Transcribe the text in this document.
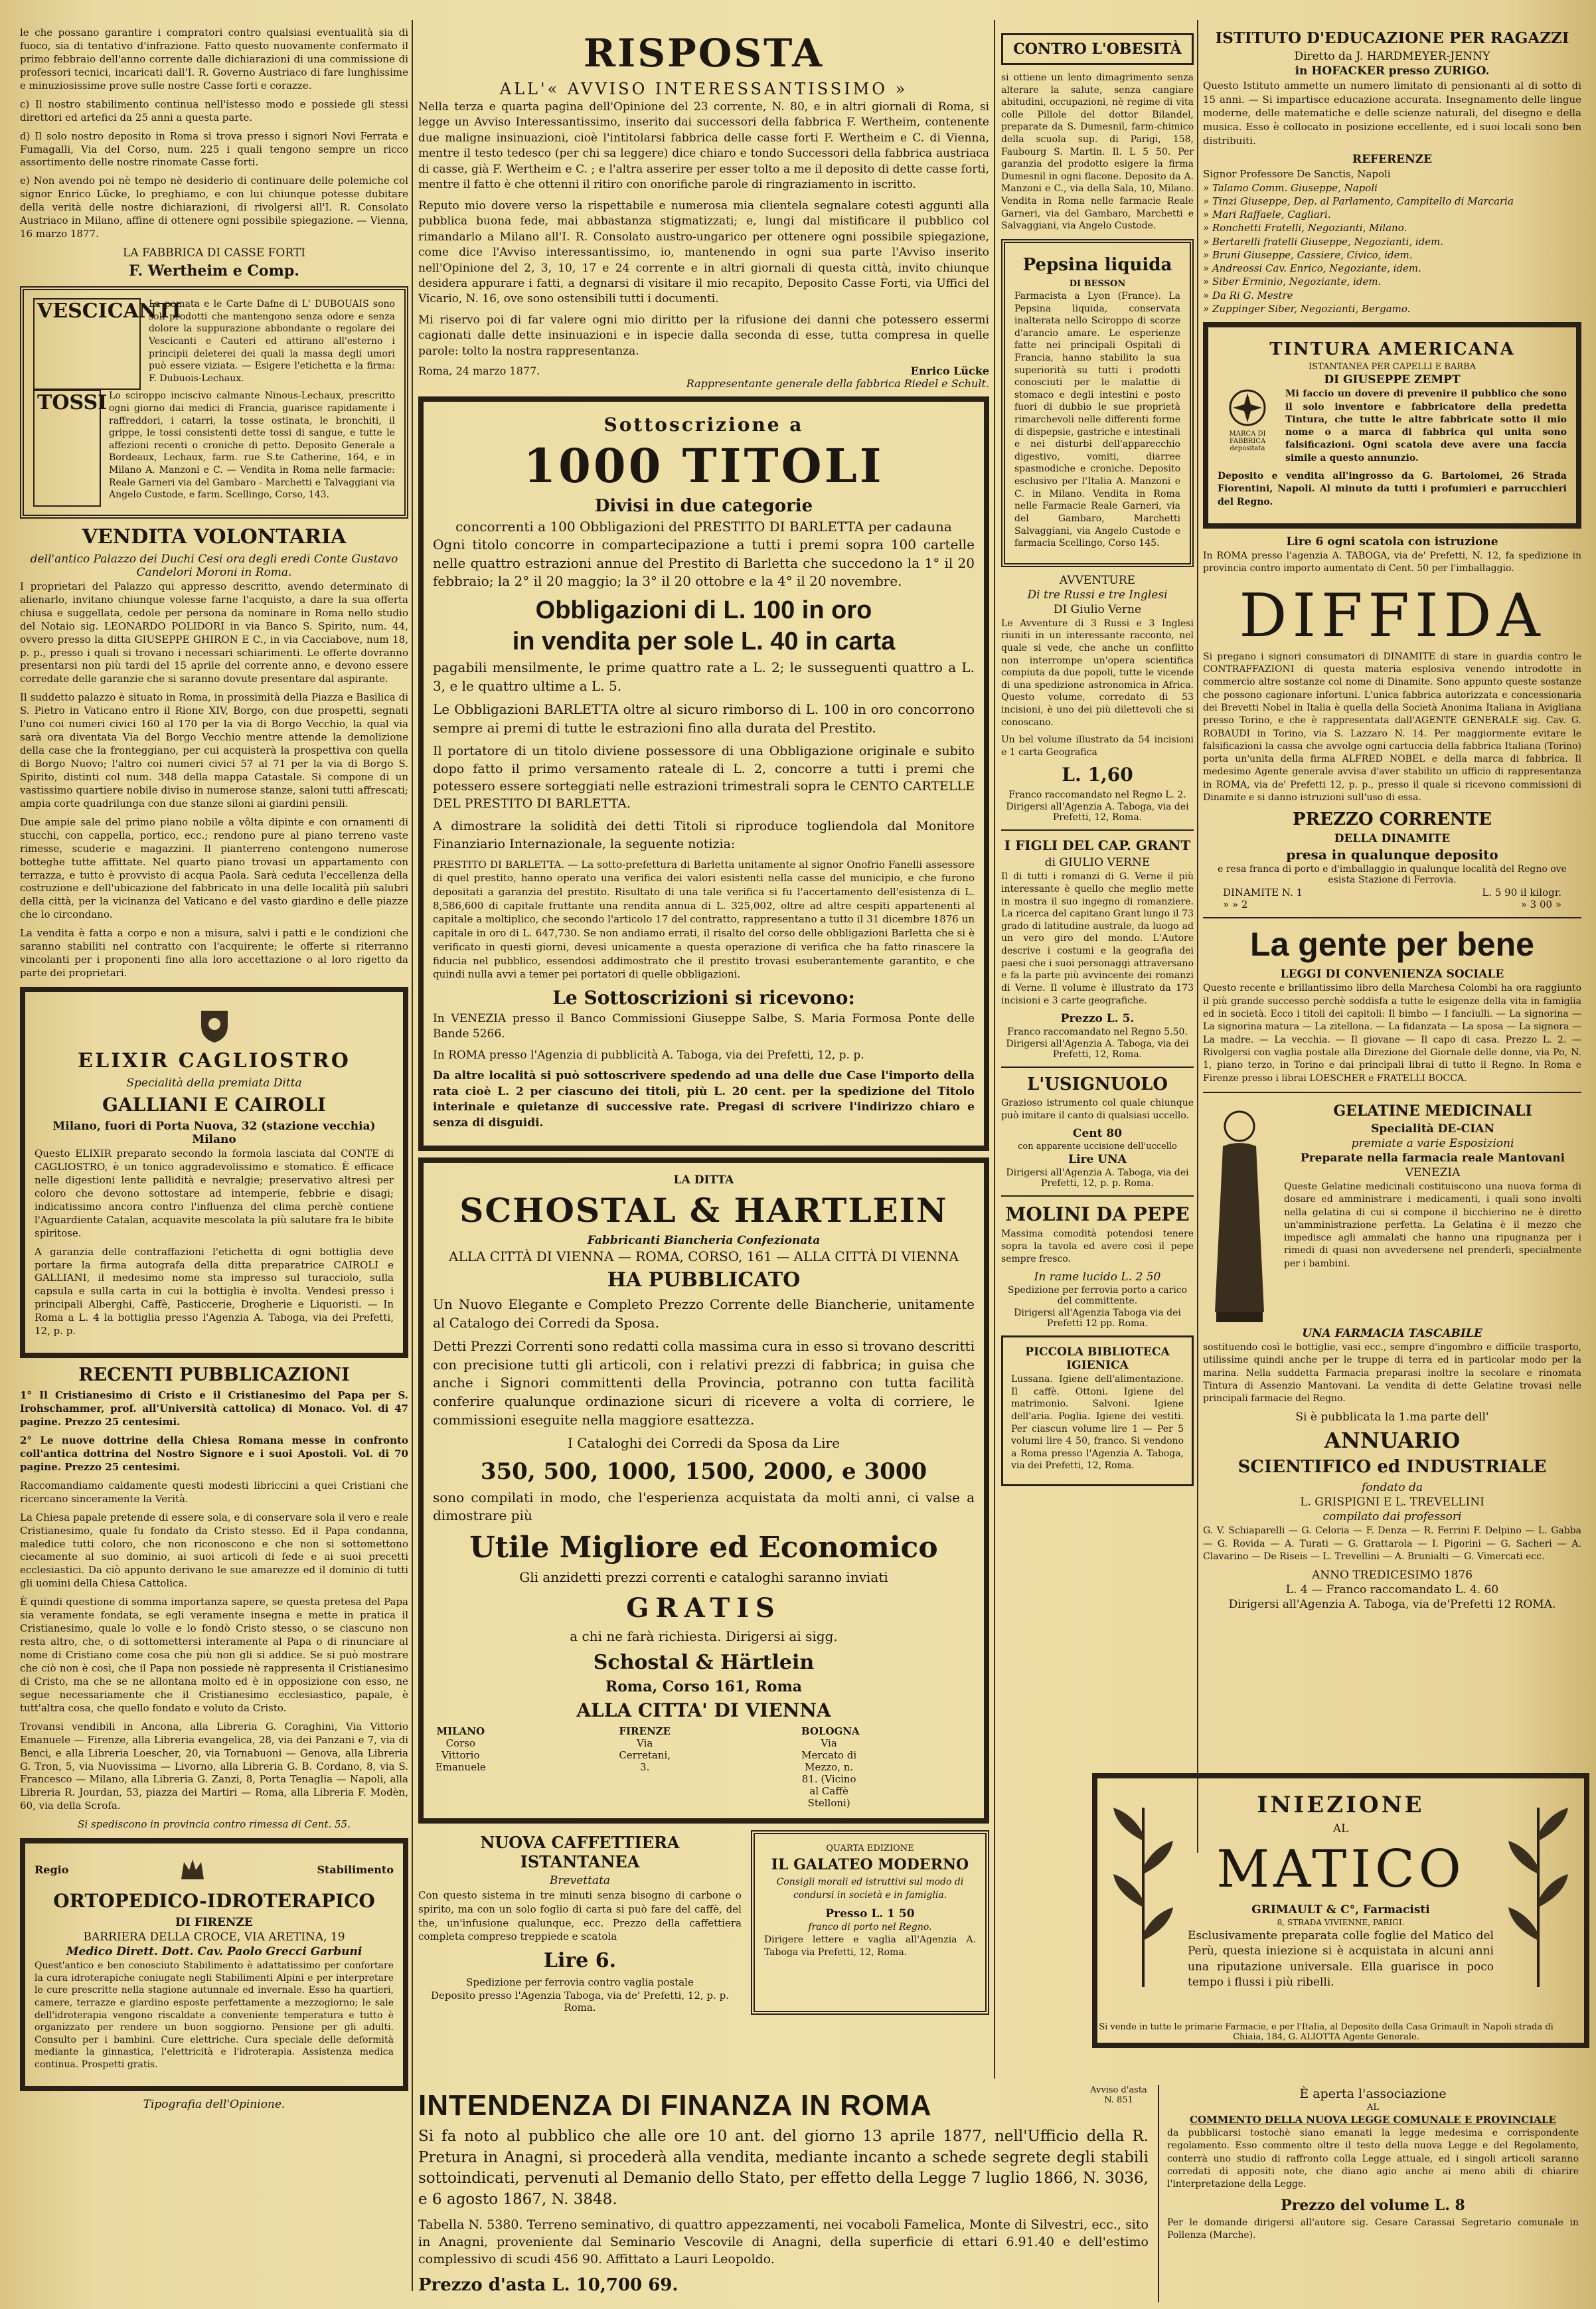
le che possano garantire i compratori contro qualsiasi eventualità sia di fuoco, sia di tentativo d'infrazione. Fatto questo nuovamente confermato il primo febbraio dell'anno corrente dalle dichiarazioni di una commissione di professori tecnici, incaricati dall'I. R. Governo Austriaco di fare lunghissime e minuziosissime prove sulle nostre Casse forti e corazze.

c) Il nostro stabilimento continua nell'istesso modo e possiede gli stessi direttori ed artefici da 25 anni a questa parte.

d) Il solo nostro deposito in Roma si trova presso i signori Novi Ferrata e Fumagalli, Via del Corso, num. 225 i quali tengono sempre un ricco assortimento delle nostre rinomate Casse forti.

e) Non avendo poi nè tempo nè desiderio di continuare delle polemiche col signor Enrico Lücke, lo preghiamo, e con lui chiunque potesse dubitare della verità delle nostre dichiarazioni, di rivolgersi all'I. R. Consolato Austriaco in Milano, affine di ottenere ogni possibile spiegazione. — Vienna, 16 marzo 1877.

LA FABBRICA DI CASSE FORTI
F. Wertheim e Comp.
VESCICANTI

La pomata e le Carte Dafne di L' DUBOUAIS sono soli prodotti che mantengono senza odore e senza dolore la suppurazione abbondante o regolare dei Vescicanti e Cauteri ed attirano all'esterno i principii deleterei dei quali la massa degli umori può essere viziata. — Esigere l'etichetta e la firma: F. Dubuois-Lechaux.

TOSSI Lo sciroppo inciscivo calmante Ninous-Lechaux, prescritto ogni giorno dai medici di Francia, guarisce rapidamente i raffreddori, i catarri, la tosse ostinata, le bronchiti, il grippe, le tossi consistenti dette tossi di sangue, e tutte le affezioni recenti o croniche di petto. Deposito Generale a Bordeaux, Lechaux, farm. rue S.te Catherine, 164, e in Milano A. Manzoni e C. — Vendita in Roma nelle farmacie: Reale Garneri via del Gambaro - Marchetti e Talvaggiani via Angelo Custode, e farm. Scellingo, Corso, 143.

VENDITA VOLONTARIA
dell'antico Palazzo dei Duchi Cesi ora degli eredi Conte Gustavo Candelori Moroni in Roma.

I proprietari del Palazzo qui appresso descritto, avendo determinato di alienarlo, invitano chiunque volesse farne l'acquisto, a dare la sua offerta chiusa e suggellata, cedole per persona da nominare in Roma nello studio del Notaio sig. LEONARDO POLIDORI in via Banco S. Spirito, num. 44, ovvero presso la ditta GIUSEPPE GHIRON E C., in via Cacciabove, num 18, p. p., presso i quali si trovano i necessari schiarimenti. Le offerte dovranno presentarsi non più tardi del 15 aprile del corrente anno, e devono essere corredate delle garanzie che si saranno dovute presentare dal aspirante.

Il suddetto palazzo è situato in Roma, in prossimità della Piazza e Basilica di S. Pietro in Vaticano entro il Rione XIV, Borgo, con due prospetti, segnati l'uno coi numeri civici 160 al 170 per la via di Borgo Vecchio, la qual via sarà ora diventata Via del Borgo Vecchio mentre attende la demolizione della case che la fronteggiano, per cui acquisterà la prospettiva con quella di Borgo Nuovo; l'altro coi numeri civici 57 al 71 per la via di Borgo S. Spirito, distinti col num. 348 della mappa Catastale. Si compone di un vastissimo quartiere nobile diviso in numerose stanze, saloni tutti affrescati; ampia corte quadrilunga con due stanze siloni ai giardini pensili.

Due ampie sale del primo piano nobile a vôlta dipinte e con ornamenti di stucchi, con cappella, portico, ecc.; rendono pure al piano terreno vaste rimesse, scuderie e magazzini. Il pianterreno contengono numerose botteghe tutte affittate. Nel quarto piano trovasi un appartamento con terrazza, e tutto è provvisto di acqua Paola. Sarà ceduta l'eccellenza della costruzione e dell'ubicazione del fabbricato in una delle località più salubri della città, per la vicinanza del Vaticano e del vasto giardino e delle piazze che lo circondano.

La vendita è fatta a corpo e non a misura, salvi i patti e le condizioni che saranno stabiliti nel contratto con l'acquirente; le offerte si riterranno vincolanti per i proponenti fino alla loro accettazione o al loro rigetto da parte dei proprietari.

ELIXIR CAGLIOSTRO
Specialità della premiata Ditta
GALLIANI E CAIROLI
Milano, fuori di Porta Nuova, 32 (stazione vecchia) Milano

Questo ELIXIR preparato secondo la formola lasciata dal CONTE di CAGLIOSTRO, è un tonico aggradevolissimo e stomatico. È efficace nelle digestioni lente pallidità e nevralgie; preservativo altresì per coloro che devono sottostare ad intemperie, febbrie e disagi; indicatissimo ancora contro l'influenza del clima perchè contiene l'Aguardiente Catalan, acquavite mescolata la più salutare fra le bibite spiritose.

A garanzia delle contraffazioni l'etichetta di ogni bottiglia deve portare la firma autografa della ditta preparatrice CAIROLI e GALLIANI, il medesimo nome sta impresso sul turacciolo, sulla capsula e sulla carta in cui la bottiglia è involta. Vendesi presso i principali Alberghi, Caffè, Pasticcerie, Drogherie e Liquoristi. — In Roma a L. 4 la bottiglia presso l'Agenzia A. Taboga, via dei Prefetti, 12, p. p.

RECENTI PUBBLICAZIONI

1° Il Cristianesimo di Cristo e il Cristianesimo del Papa per S. Irohschammer, prof. all'Università cattolica) di Monaco. Vol. di 47 pagine. Prezzo 25 centesimi.

2° Le nuove dottrine della Chiesa Romana messe in confronto coll'antica dottrina del Nostro Signore e i suoi Apostoli. Vol. di 70 pagine. Prezzo 25 centesimi.

Raccomandiamo caldamente questi modesti libriccini a quei Cristiani che ricercano sinceramente la Verità.

La Chiesa papale pretende di essere sola, e di conservare sola il vero e reale Cristianesimo, quale fu fondato da Cristo stesso. Ed il Papa condanna, maledice tutti coloro, che non riconoscono e che non si sottomettono ciecamente al suo dominio, ai suoi articoli di fede e ai suoi precetti ecclesiastici. Da ciò appunto derivano le sue amarezze ed il dominio di tutti gli uomini della Chiesa Cattolica.

È quindi questione di somma importanza sapere, se questa pretesa del Papa sia veramente fondata, se egli veramente insegna e mette in pratica il Cristianesimo, quale lo volle e lo fondò Cristo stesso, o se ciascuno non resta altro, che, o di sottomettersi interamente al Papa o di rinunciare al nome di Cristiano come cosa che più non gli si addice. Se si può mostrare che ciò non è così, che il Papa non possiede nè rappresenta il Cristianesimo di Cristo, ma che se ne allontana molto ed è in opposizione con esso, ne segue necessariamente che il Cristianesimo ecclesiastico, papale, è tutt'altra cosa, che quello fondato e voluto da Cristo.

Trovansi vendibili in Ancona, alla Libreria G. Coraghini, Via Vittorio Emanuele — Firenze, alla Libreria evangelica, 28, via dei Panzani e 7, via di Benci, e alla Libreria Loescher, 20, via Tornabuoni — Genova, alla Libreria G. Tron, 5, via Nuovissima — Livorno, alla Libreria G. B. Cordano, 8, via S. Francesco — Milano, alla Libreria G. Zanzi, 8, Porta Tenaglia — Napoli, alla Libreria R. Jourdan, 53, piazza dei Martiri — Roma, alla Libreria F. Modèn, 60, via della Scrofa.

Si spediscono in provincia contro rimessa di Cent. 55.

Regio	Stabilimento
ORTOPEDICO-IDROTERAPICO
DI FIRENZE
BARRIERA DELLA CROCE, VIA ARETINA, 19
Medico Dirett. Dott. Cav. Paolo Grecci Garbuni

Quest'antico e ben conosciuto Stabilimento è adattatissimo per confortare la cura idroterapiche coniugate negli Stabilimenti Alpini e per interpretare le cure prescritte nella stagione autunnale ed invernale. Esso ha quartieri, camere, terrazze e giardino esposte perfettamente a mezzogiorno; le sale dell'idroterapia vengono riscaldate a conveniente temperatura e tutto è organizzato per rendere un buon soggiorno. Pensione per gli adulti. Consulto per i bambini. Cure elettriche. Cura speciale delle deformità mediante la ginnastica, l'elettricità e l'idroterapia. Assistenza medica continua. Prospetti gratis.

Tipografia dell'Opinione.
RISPOSTA
ALL'« AVVISO INTERESSANTISSIMO »

Nella terza e quarta pagina dell'Opinione del 23 corrente, N. 80, e in altri giornali di Roma, si legge un Avviso Interessantissimo, inserito dai successori della fabbrica F. Wertheim, contenente due maligne insinuazioni, cioè l'intitolarsi fabbrica delle casse forti F. Wertheim e C. di Vienna, mentre il testo tedesco (per chi sa leggere) dice chiaro e tondo Successori della fabbrica austriaca di casse, già F. Wertheim e C. ; e l'altra asserire per esser tolto a me il deposito di dette casse forti, mentre il fatto è che ottenni il ritiro con onorifiche parole di ringraziamento in iscritto.

Reputo mio dovere verso la rispettabile e numerosa mia clientela segnalare cotesti aggunti alla pubblica buona fede, mai abbastanza stigmatizzati; e, lungi dal mistificare il pubblico col rimandarlo a Milano all'I. R. Consolato austro-ungarico per ottenere ogni possibile spiegazione, come dice l'Avviso interessantissimo, io, mantenendo in ogni sua parte l'Avviso inserito nell'Opinione del 2, 3, 10, 17 e 24 corrente e in altri giornali di questa città, invito chiunque desidera appurare i fatti, a degnarsi di visitare il mio recapito, Deposito Casse Forti, via Uffici del Vicario, N. 16, ove sono ostensibili tutti i documenti.

Mi riservo poi di far valere ogni mio diritto per la rifusione dei danni che potessero essermi cagionati dalle dette insinuazioni e in ispecie dalla seconda di esse, tutta compresa in quelle parole: tolto la nostra rappresentanza.

Roma, 24 marzo 1877.	Enrico Lücke
Rappresentante generale della fabbrica Riedel e Schult.
Sottoscrizione a
1000 TITOLI
Divisi in due categorie
concorrenti a 100 Obbligazioni del PRESTITO DI BARLETTA per cadauna

Ogni titolo concorre in compartecipazione a tutti i premi sopra 100 cartelle nelle quattro estrazioni annue del Prestito di Barletta che succedono la 1° il 20 febbraio; la 2° il 20 maggio; la 3° il 20 ottobre e la 4° il 20 novembre.

Obbligazioni di L. 100 in oro
in vendita per sole L. 40 in carta

pagabili mensilmente, le prime quattro rate a L. 2; le susseguenti quattro a L. 3, e le quattro ultime a L. 5.

Le Obbligazioni BARLETTA oltre al sicuro rimborso di L. 100 in oro concorrono sempre ai premi di tutte le estrazioni fino alla durata del Prestito.

Il portatore di un titolo diviene possessore di una Obbligazione originale e subito dopo fatto il primo versamento rateale di L. 2, concorre a tutti i premi che potessero essere sorteggiati nelle estrazioni trimestrali sopra le CENTO CARTELLE DEL PRESTITO DI BARLETTA.

A dimostrare la solidità dei detti Titoli si riproduce togliendola dal Monitore Finanziario Internazionale, la seguente notizia:

PRESTITO DI BARLETTA. — La sotto-prefettura di Barletta unitamente al signor Onofrio Fanelli assessore di quel prestito, hanno operato una verifica dei valori esistenti nella casse del municipio, e che furono depositati a garanzia del prestito. Risultato di una tale verifica si fu l'accertamento dell'esistenza di L. 8,586,600 di capitale fruttante una rendita annua di L. 325,002, oltre ad altre cespiti appartenenti al capitale a moltiplico, che secondo l'articolo 17 del contratto, rappresentano a tutto il 31 dicembre 1876 un capitale in oro di L. 647,730. Se non andiamo errati, il risalto del corso delle obbligazioni Barletta che si è verificato in questi giorni, devesi unicamente a questa operazione di verifica che ha fatto rinascere la fiducia nel pubblico, essendosi addimostrato che il prestito trovasi esuberantemente garantito, e che quindi nulla avvi a temer pei portatori di quelle obbligazioni.

Le Sottoscrizioni si ricevono:

In VENEZIA presso il Banco Commissioni Giuseppe Salbe, S. Maria Formosa Ponte delle Bande 5266.

In ROMA presso l'Agenzia di pubblicità A. Taboga, via dei Prefetti, 12, p. p.

Da altre località si può sottoscrivere spedendo ad una delle due Case l'importo della rata cioè L. 2 per ciascuno dei titoli, più L. 20 cent. per la spedizione del Titolo interinale e quietanze di successive rate. Pregasi di scrivere l'indirizzo chiaro e senza di disguidi.

LA DITTA
SCHOSTAL & HARTLEIN
Fabbricanti Biancheria Confezionata
ALLA CITTÀ DI VIENNA — ROMA, CORSO, 161 — ALLA CITTÀ DI VIENNA
HA PUBBLICATO

Un Nuovo Elegante e Completo Prezzo Corrente delle Biancherie, unitamente al Catalogo dei Corredi da Sposa.

Detti Prezzi Correnti sono redatti colla massima cura in esso si trovano descritti con precisione tutti gli articoli, con i relativi prezzi di fabbrica; in guisa che anche i Signori committenti della Provincia, potranno con tutta facilità conferire qualunque ordinazione sicuri di ricevere a volta di corriere, le commissioni eseguite nella maggiore esattezza.

I Cataloghi dei Corredi da Sposa da Lire

350, 500, 1000, 1500, 2000, e 3000

sono compilati in modo, che l'esperienza acquistata da molti anni, ci valse a dimostrare più

Utile Migliore ed Economico

Gli anzidetti prezzi correnti e cataloghi saranno inviati

GRATIS

a chi ne farà richiesta. Dirigersi ai sigg.

Schostal & Härtlein
Roma, Corso 161, Roma
ALLA CITTA' DI VIENNA
MILANO
Corso Vittorio Emanuele
FIRENZE
Via Cerretani, 3.
BOLOGNA
Via Mercato di Mezzo, n. 81. (Vicino al Caffè Stelloni)
NUOVA CAFFETTIERA ISTANTANEA
Brevettata

Con questo sistema in tre minuti senza bisogno di carbone o spirito, ma con un solo foglio di carta si può fare del caffè, del the, un'infusione qualunque, ecc. Prezzo della caffettiera completa compreso treppiede e scatola

Lire 6.
Spedizione per ferrovia contro vaglia postale
Deposito presso l'Agenzia Taboga, via de' Prefetti, 12, p. p. Roma.
QUARTA EDIZIONE
IL GALATEO MODERNO

Consigli morali ed istruttivi sul modo di condursi in società e in famiglia.

Presso L. 1 50
franco di porto nel Regno.

Dirigere lettere e vaglia all'Agenzia A. Taboga via Prefetti, 12, Roma.

CONTRO L'OBESITÀ

si ottiene un lento dimagrimento senza alterare la salute, senza cangiare abitudini, occupazioni, nè regime di vita colle Pillole del dottor Bilandel, preparate da S. Dumesnil, farm-chimico della scuola sup. di Parigi, 158, Faubourg S. Martin. Il. L 5 50. Per garanzia del prodotto esigere la firma Dumesnil in ogni flacone. Deposito da A. Manzoni e C., via della Sala, 10, Milano. Vendita in Roma nelle farmacie Reale Garneri, via del Gambaro, Marchetti e Salvaggiani, via Angelo Custode.

Pepsina liquida
DI BESSON

Farmacista a Lyon (France). La Pepsina liquida, conservata inalterata nello Sciroppo di scorze d'arancio amare. Le esperienze fatte nei principali Ospitali di Francia, hanno stabilito la sua superiorità su tutti i prodotti conosciuti per le malattie di stomaco e degli intestini e posto fuori di dubbio le sue proprietà rimarchevoli nelle differenti forme di dispepsie, gastriche e intestinali e nei disturbi dell'apparecchio digestivo, vomiti, diarree spasmodiche e croniche. Deposito esclusivo per l'Italia A. Manzoni e C. in Milano. Vendita in Roma nelle Farmacie Reale Garneri, via del Gambaro, Marchetti Salvaggiani, via Angelo Custode e farmacia Scellingo, Corso 145.

AVVENTURE
Di tre Russi e tre Inglesi
DI Giulio Verne

Le Avventure di 3 Russi e 3 Inglesi riuniti in un interessante racconto, nel quale si vede, che anche un conflitto non interrompe un'opera scientifica compiuta da due popoli, tutte le vicende di una spedizione astronomica in Africa. Questo volume, corredato di 53 incisioni, è uno dei più dilettevoli che si conoscano.

Un bel volume illustrato da 54 incisioni e 1 carta Geografica

L. 1,60
Franco raccomandato nel Regno L. 2.
Dirigersi all'Agenzia A. Taboga, via dei Prefetti, 12, Roma.
I FIGLI DEL CAP. GRANT
di GIULIO VERNE

Il di tutti i romanzi di G. Verne il più interessante è quello che meglio mette in mostra il suo ingegno di romanziere. La ricerca del capitano Grant lungo il 73 grado di latitudine australe, da luogo ad un vero giro del mondo. L'Autore descrive i costumi e la geografia dei paesi che i suoi personaggi attraversano e fa la parte più avvincente dei romanzi di Verne. Il volume è illustrato da 173 incisioni e 3 carte geografiche.

Prezzo L. 5.
Franco raccomandato nel Regno 5.50.
Dirigersi all'Agenzia A. Taboga, via dei Prefetti, 12, Roma.
L'USIGNUOLO

Grazioso istrumento col quale chiunque può imitare il canto di qualsiasi uccello.

Cent 80
con apparente uccisione dell'uccello
Lire UNA
Dirigersi all'Agenzia A. Taboga, via dei Prefetti, 12, p. p. Roma.
MOLINI DA PEPE

Massima comodità potendosi tenere sopra la tavola ed avere così il pepe sempre fresco.

In rame lucido L. 2 50
Spedizione per ferrovia porto a carico del committente.
Dirigersi all'Agenzia Taboga via dei Prefetti 12 pp. Roma.
PICCOLA BIBLIOTECA IGIENICA

Lussana. Igiene dell'alimentazione. Il caffè. Ottoni. Igiene del matrimonio. Salvoni. Igiene dell'aria. Poglia. Igiene dei vestiti. Per ciascun volume lire 1 — Per 5 volumi lire 4 50, franco. Si vendono a Roma presso l'Agenzia A. Taboga, via dei Prefetti, 12, Roma.

ISTITUTO D'EDUCAZIONE PER RAGAZZI
Diretto da J. HARDMEYER-JENNY
in HOFACKER presso ZURIGO.

Questo Istituto ammette un numero limitato di pensionanti al di sotto di 15 anni. — Si impartisce educazione accurata. Insegnamento delle lingue moderne, delle matematiche e delle scienze naturali, del disegno e della musica. Esso è collocato in posizione eccellente, ed i suoi locali sono ben distribuiti.

REFERENZE
Signor Professore De Sanctis, Napoli
» Talamo Comm. Giuseppe, Napoli
» Tinzi Giuseppe, Dep. al Parlamento, Campitello di Marcaria
» Mari Raffaele, Cagliari.
» Ronchetti Fratelli, Negozianti, Milano.
» Bertarelli fratelli Giuseppe, Negozianti, idem.
» Bruni Giuseppe, Cassiere, Civico, idem.
» Andreossi Cav. Enrico, Negoziante, idem.
» Siber Erminio, Negoziante, idem.
» Da Ri G. Mestre
» Zuppinger Siber, Negozianti, Bergamo.
TINTURA AMERICANA
ISTANTANEA PER CAPELLI E BARBA
DI GIUSEPPE ZEMPT
MARCA DI FABBRICA depositata

Mi faccio un dovere di prevenire il pubblico che sono il solo inventore e fabbricatore della predetta Tintura, che tutte le altre fabbricate sotto il mio nome o a marca di fabbrica qui unita sono falsificazioni. Ogni scatola deve avere una faccia simile a questo annunzio.

Deposito e vendita all'ingrosso da G. Bartolomei, 26 Strada Fiorentini, Napoli. Al minuto da tutti i profumieri e parrucchieri del Regno.

Lire 6 ogni scatola con istruzione

In ROMA presso l'agenzia A. TABOGA, via de' Prefetti, N. 12, fa spedizione in provincia contro importo aumentato di Cent. 50 per l'imballaggio.

DIFFIDA

Si pregano i signori consumatori di DINAMITE di stare in guardia contro le CONTRAFFAZIONI di questa materia esplosiva venendo introdotte in commercio altre sostanze col nome di Dinamite. Sono appunto queste sostanze che possono cagionare infortuni. L'unica fabbrica autorizzata e concessionaria dei Brevetti Nobel in Italia è quella della Società Anonima Italiana in Avigliana presso Torino, e che è rappresentata dall'AGENTE GENERALE sig. Cav. G. ROBAUDI in Torino, via S. Lazzaro N. 14. Per maggiormente evitare le falsificazioni la cassa che avvolge ogni cartuccia della fabbrica Italiana (Torino) porta un'unita della firma ALFRED NOBEL e della marca di fabbrica. Il medesimo Agente generale avvisa d'aver stabilito un ufficio di rappresentanza in ROMA, via de' Prefetti 12, p. p., presso il quale si ricevono commissioni di Dinamite e si danno istruzioni sull'uso di essa.

PREZZO CORRENTE
DELLA DINAMITE
presa in qualunque deposito
e resa franca di porto e d'imballaggio in qualunque località del Regno ove esista Stazione di Ferrovia.
DINAMITE N. 1	L. 5 90 il kilogr.
» » 2	» 3 00 »
La gente per bene
LEGGI DI CONVENIENZA SOCIALE

Questo recente e brillantissimo libro della Marchesa Colombi ha ora raggiunto il più grande successo perchè soddisfa a tutte le esigenze della vita in famiglia ed in società. Ecco i titoli dei capitoli: Il bimbo — I fanciulli. — La signorina — La signorina matura — La zitellona. — La fidanzata — La sposa — La signora — La madre. — La vecchia. — Il giovane — Il capo di casa. Prezzo L. 2. — Rivolgersi con vaglia postale alla Direzione del Giornale delle donne, via Po, N. 1, piano terzo, in Torino e dai principali librai di tutto il Regno. In Roma e Firenze presso i librai LOESCHER e FRATELLI BOCCA.

GELATINE MEDICINALI
Specialità DE-CIAN
premiate a varie Esposizioni
Preparate nella farmacia reale Mantovani
VENEZIA

Queste Gelatine medicinali costituiscono una nuova forma di dosare ed amministrare i medicamenti, i quali sono involti nella gelatina di cui si compone il bicchierino ne è diretto un'amministrazione perfetta. La Gelatina è il mezzo che impedisce agli ammalati che hanno una ripugnanza per i rimedi di quasi non avvedersene nel prenderli, specialmente per i bambini.

UNA FARMACIA TASCABILE

sostituendo così le bottiglie, vasi ecc., sempre d'ingombro e difficile trasporto, utilissime quindi anche per le truppe di terra ed in particolar modo per la marina. Nella suddetta Farmacia preparasi inoltre la secolare e rinomata Tintura di Assenzio Mantovani. La vendita di dette Gelatine trovasi nelle principali farmacie del Regno.

Si è pubblicata la 1.ma parte dell'
ANNUARIO
SCIENTIFICO ed INDUSTRIALE
fondato da
L. GRISPIGNI E L. TREVELLINI
compilato dai professori

G. V. Schiaparelli — G. Celoria — F. Denza — R. Ferrini F. Delpino — L. Gabba — G. Rovida — A. Turati — G. Grattarola — I. Pigorini — G. Sacheri — A. Clavarino — De Riseis — L. Trevellini — A. Brunialti — G. Vimercati ecc.

ANNO TREDICESIMO 1876
L. 4 — Franco raccomandato L. 4. 60
Dirigersi all'Agenzia A. Taboga, via de'Prefetti 12 ROMA.
INIEZIONE
AL
MATICO
GRIMAULT & C°, Farmacisti
8, STRADA VIVIENNE, PARIGI.

Esclusivamente preparata colle foglie del Matico del Perù, questa iniezione si è acquistata in alcuni anni una riputazione universale. Ella guarisce in poco tempo i flussi i più ribelli.

Si vende in tutte le primarie Farmacie, e per l'Italia, al Deposito della Casa Grimault in Napoli strada di Chiaia, 184, G. ALIOTTA Agente Generale.
INTENDENZA DI FINANZA IN ROMA	Avviso d'asta N. 851

Si fa noto al pubblico che alle ore 10 ant. del giorno 13 aprile 1877, nell'Ufficio della R. Pretura in Anagni, si procederà alla vendita, mediante incanto a schede segrete degli stabili sottoindicati, pervenuti al Demanio dello Stato, per effetto della Legge 7 luglio 1866, N. 3036, e 6 agosto 1867, N. 3848.

Tabella N. 5380. Terreno seminativo, di quattro appezzamenti, nei vocaboli Famelica, Monte di Silvestri, ecc., sito in Anagni, proveniente dal Seminario Vescovile di Anagni, della superficie di ettari 6.91.40 e dell'estimo complessivo di scudi 456 90. Affittato a Lauri Leopoldo.

Prezzo d'asta L. 10,700 69.

È aperta l'associazione
AL
COMMENTO DELLA NUOVA LEGGE COMUNALE E PROVINCIALE

da pubblicarsi tostochè siano emanati la legge medesima e corrispondente regolamento. Esso commento oltre il testo della nuova Legge e del Regolamento, conterrà uno studio di raffronto colla Legge attuale, ed i singoli articoli saranno corredati di appositi note, che diano agio anche ai meno abili di chiarire l'interpretazione della Legge.

Prezzo del volume L. 8

Per le domande dirigersi all'autore sig. Cesare Carassai Segretario comunale in Pollenza (Marche).
